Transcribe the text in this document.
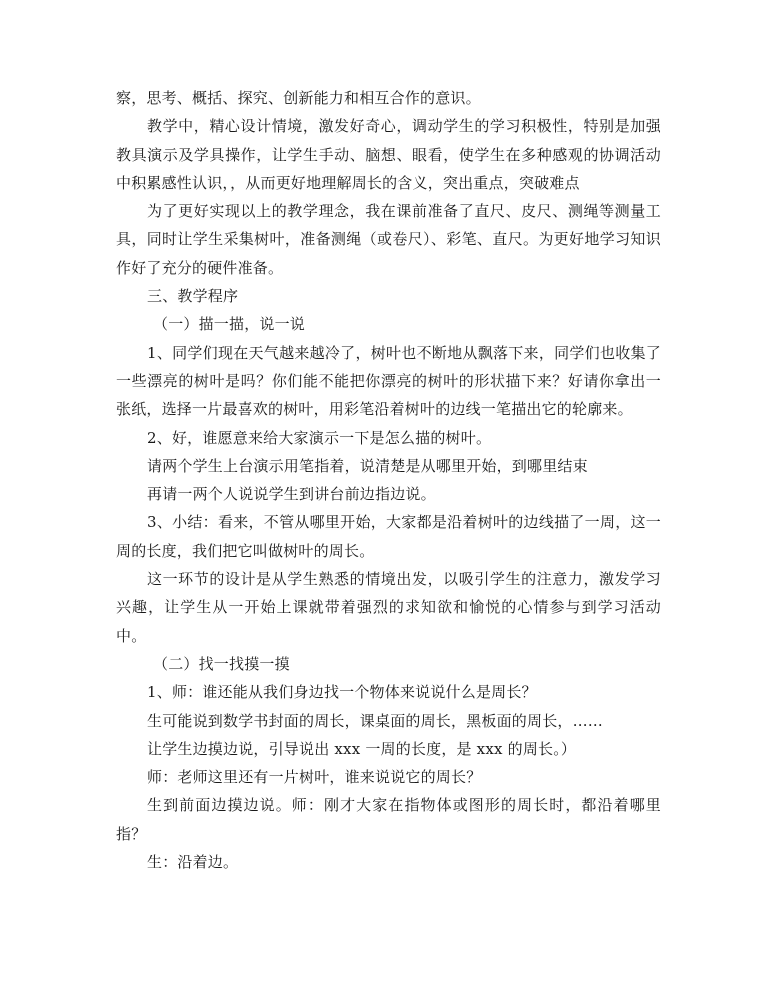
察，思考、概括、探究、创新能力和相互合作的意识。

教学中，精心设计情境，激发好奇心，调动学生的学习积极性，特别是加强教具演示及学具操作，让学生手动、脑想、眼看，使学生在多种感观的协调活动中积累感性认识，，从而更好地理解周长的含义，突出重点，突破难点

为了更好实现以上的教学理念，我在课前准备了直尺、皮尺、测绳等测量工具，同时让学生采集树叶，准备测绳（或卷尺）、彩笔、直尺。为更好地学习知识作好了充分的硬件准备。

三、教学程序

（一）描一描，说一说

1、同学们现在天气越来越冷了，树叶也不断地从飘落下来，同学们也收集了一些漂亮的树叶是吗？你们能不能把你漂亮的树叶的形状描下来？好请你拿出一张纸，选择一片最喜欢的树叶，用彩笔沿着树叶的边线一笔描出它的轮廓来。

2、好，谁愿意来给大家演示一下是怎么描的树叶。

请两个学生上台演示用笔指着，说清楚是从哪里开始，到哪里结束

再请一两个人说说学生到讲台前边指边说。

3、小结：看来，不管从哪里开始，大家都是沿着树叶的边线描了一周，这一周的长度，我们把它叫做树叶的周长。

这一环节的设计是从学生熟悉的情境出发，以吸引学生的注意力，激发学习兴趣，让学生从一开始上课就带着强烈的求知欲和愉悦的心情参与到学习活动中。

（二）找一找摸一摸

1、师：谁还能从我们身边找一个物体来说说什么是周长？

生可能说到数学书封面的周长，课桌面的周长，黑板面的周长，……

让学生边摸边说，引导说出 xxx 一周的长度，是 xxx 的周长。）

师：老师这里还有一片树叶，谁来说说它的周长？

生到前面边摸边说。师：刚才大家在指物体或图形的周长时，都沿着哪里指？

生：沿着边。
